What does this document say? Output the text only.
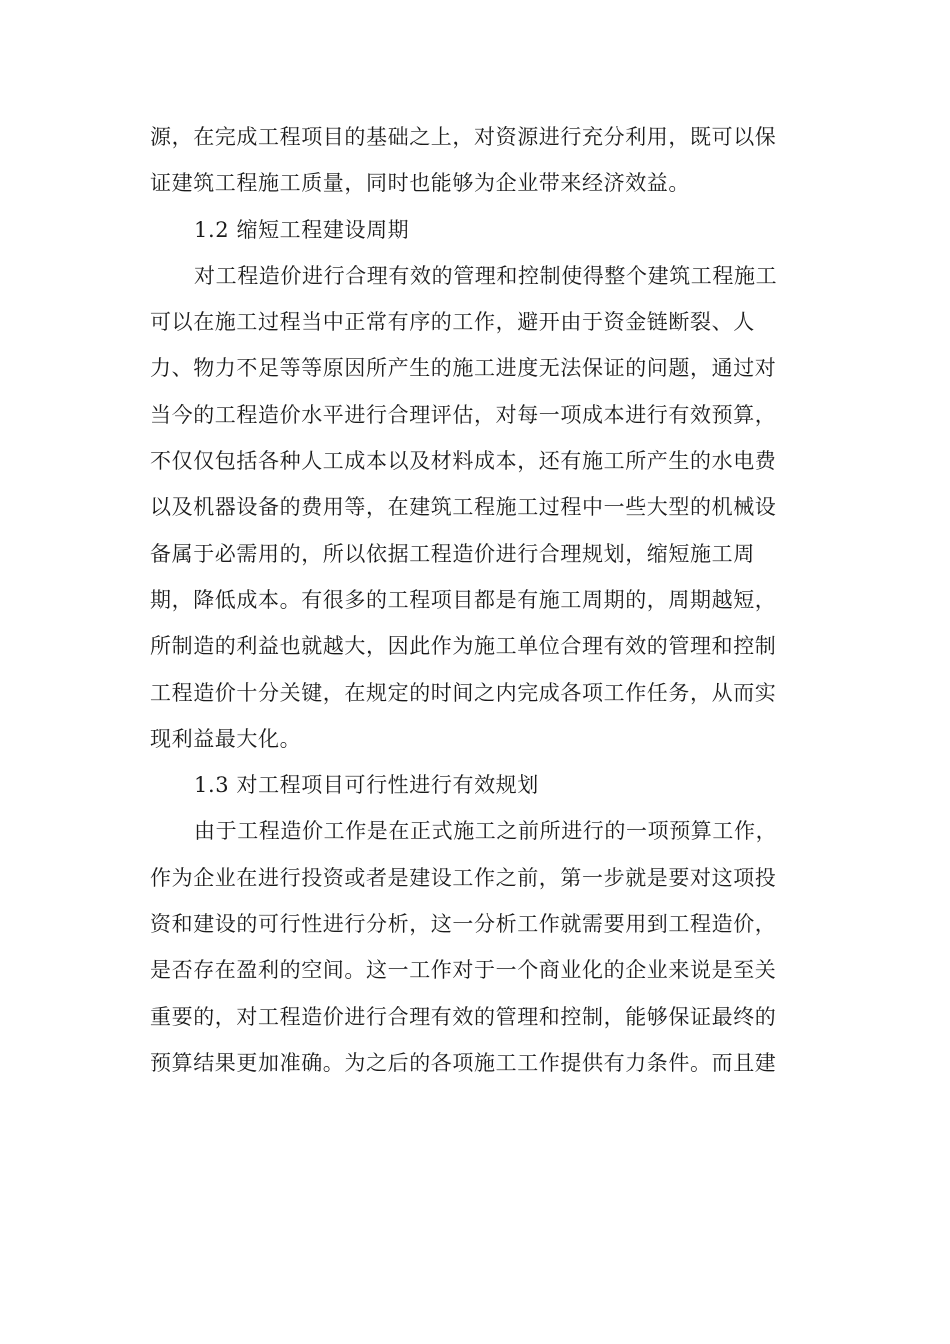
源，在完成工程项目的基础之上，对资源进行充分利用，既可以保
证建筑工程施工质量，同时也能够为企业带来经济效益。
1.2 缩短工程建设周期
对工程造价进行合理有效的管理和控制使得整个建筑工程施工
可以在施工过程当中正常有序的工作，避开由于资金链断裂、人
力、物力不足等等原因所产生的施工进度无法保证的问题，通过对
当今的工程造价水平进行合理评估，对每一项成本进行有效预算，
不仅仅包括各种人工成本以及材料成本，还有施工所产生的水电费
以及机器设备的费用等，在建筑工程施工过程中一些大型的机械设
备属于必需用的，所以依据工程造价进行合理规划，缩短施工周
期，降低成本。有很多的工程项目都是有施工周期的，周期越短，
所制造的利益也就越大，因此作为施工单位合理有效的管理和控制
工程造价十分关键，在规定的时间之内完成各项工作任务，从而实
现利益最大化。
1.3 对工程项目可行性进行有效规划
由于工程造价工作是在正式施工之前所进行的一项预算工作，
作为企业在进行投资或者是建设工作之前，第一步就是要对这项投
资和建设的可行性进行分析，这一分析工作就需要用到工程造价，
是否存在盈利的空间。这一工作对于一个商业化的企业来说是至关
重要的，对工程造价进行合理有效的管理和控制，能够保证最终的
预算结果更加准确。为之后的各项施工工作提供有力条件。而且建
